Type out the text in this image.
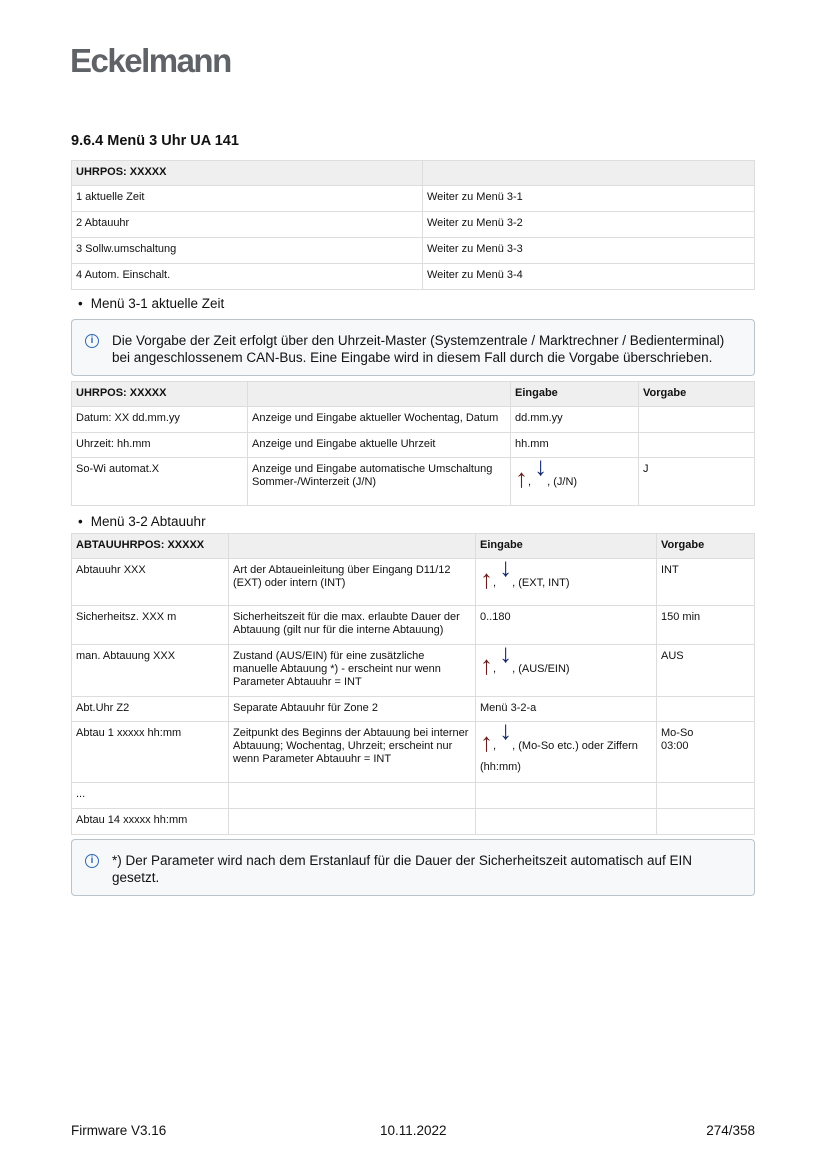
Eckelmann
9.6.4 Menü 3 Uhr UA 141
UHRPOS: XXXXX	
1 aktuelle Zeit	Weiter zu Menü 3-1
2 Abtauuhr	Weiter zu Menü 3-2
3 Sollw.umschaltung	Weiter zu Menü 3-3
4 Autom. Einschalt.	Weiter zu Menü 3-4
• Menü 3-1 aktuelle Zeit
i	Die Vorgabe der Zeit erfolgt über den Uhrzeit-Master (Systemzentrale / Marktrechner / Bedienterminal) bei angeschlossenem CAN-Bus. Eine Eingabe wird in diesem Fall durch die Vorgabe überschrieben.
UHRPOS: XXXXX		Eingabe	Vorgabe
Datum: XX dd.mm.yy	Anzeige und Eingabe aktueller Wochentag, Datum	dd.mm.yy	
Uhrzeit: hh.mm	Anzeige und Eingabe aktuelle Uhrzeit	hh.mm	
So-Wi automat.X	Anzeige und Eingabe automatische Umschaltung Sommer-/Winterzeit (J/N)	↑, ↓, (J/N)	J
• Menü 3-2 Abtauuhr
ABTAUUHRPOS: XXXXX		Eingabe	Vorgabe
Abtauuhr XXX	Art der Abtaueinleitung über Eingang D11/12 (EXT) oder intern (INT)	↑, ↓, (EXT, INT)	INT
Sicherheitsz. XXX m	Sicherheitszeit für die max. erlaubte Dauer der Abtauung (gilt nur für die interne Abtauung)	0..180	150 min
man. Abtauung XXX	Zustand (AUS/EIN) für eine zusätzliche manuelle Abtauung *) - erscheint nur wenn Parameter Abtauuhr = INT	↑, ↓, (AUS/EIN)	AUS
Abt.Uhr Z2	Separate Abtauuhr für Zone 2	Menü 3-2-a	
Abtau 1 xxxxx hh:mm	Zeitpunkt des Beginns der Abtauung bei interner Abtauung; Wochentag, Uhrzeit; erscheint nur wenn Parameter Abtauuhr = INT	↑, ↓, (Mo-So etc.) oder Ziffern (hh:mm)	Mo-So 03:00

...			
Abtau 14 xxxxx hh:mm			
i	*) Der Parameter wird nach dem Erstanlauf für die Dauer der Sicherheitszeit automatisch auf EIN gesetzt.
Firmware V3.16	10.11.2022	274/358
